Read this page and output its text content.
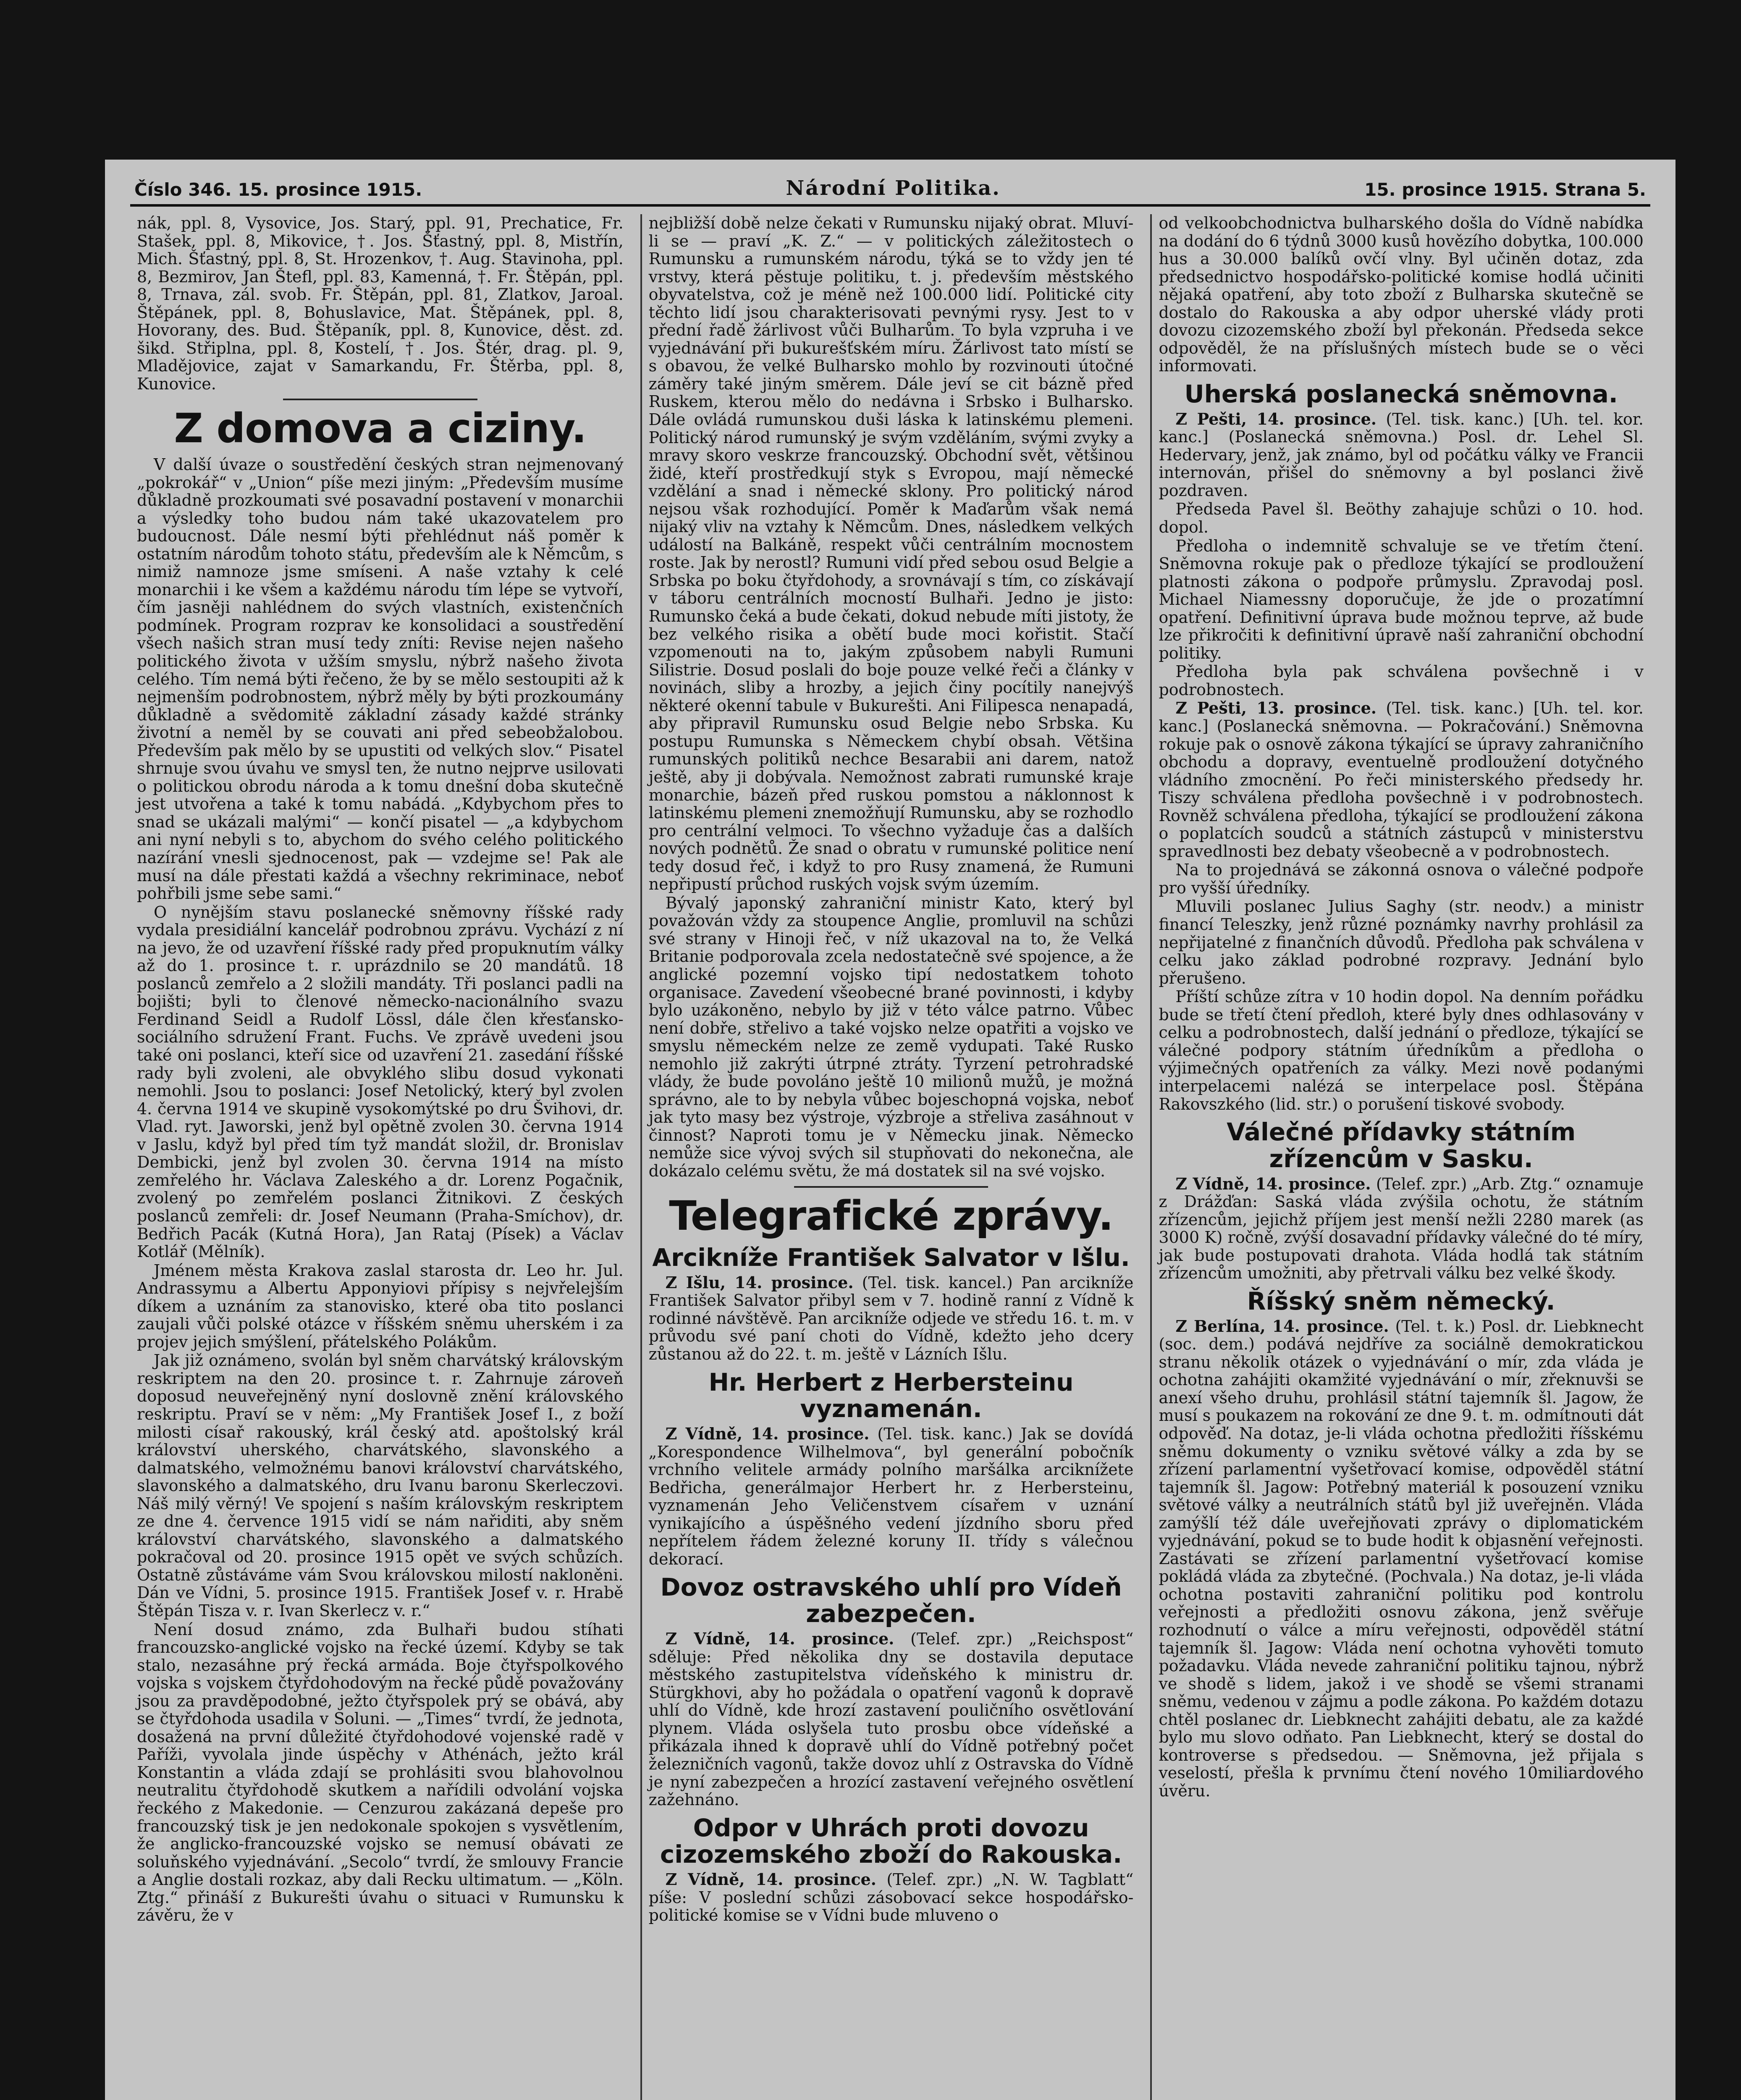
Číslo 346. 15. prosince 1915.	Národní Politika.	15. prosince 1915. Strana 5.

nák, ppl. 8, Vysovice, Jos. Starý, ppl. 91, Prechatice, Fr. Stašek, ppl. 8, Mikovice, †. Jos. Šťastný, ppl. 8, Mistřín, Mich. Šťastný, ppl. 8, St. Hrozenkov, †. Aug. Stavinoha, ppl. 8, Bezmirov, Jan Štefl, ppl. 83, Kamenná, †. Fr. Štěpán, ppl. 8, Trnava, zál. svob. Fr. Štěpán, ppl. 81, Zlatkov, Jaroal. Štěpánek, ppl. 8, Bohuslavice, Mat. Štěpánek, ppl. 8, Hovorany, des. Bud. Štěpaník, ppl. 8, Kunovice, děst. zd. šikd. Střiplna, ppl. 8, Kostelí, †. Jos. Štér, drag. pl. 9, Mladějovice, zajat v Samarkandu, Fr. Štěrba, ppl. 8, Kunovice.

Z domova a ciziny.

V další úvaze o soustředění českých stran nejmenovaný „pokrokář“ v „Union“ píše mezi jiným: „Především musíme důkladně prozkoumati své posavadní postavení v monarchii a výsledky toho budou nám také ukazovatelem pro budoucnost. Dále nesmí býti přehlédnut náš poměr k ostatním národům tohoto státu, především ale k Němcům, s nimiž namnoze jsme smíseni. A naše vztahy k celé monarchii i ke všem a každému národu tím lépe se vytvoří, čím jasněji nahlédnem do svých vlastních, existenčních podmínek. Program rozprav ke konsolidaci a soustředění všech našich stran musí tedy zníti: Revise nejen našeho politického života v užším smyslu, nýbrž našeho života celého. Tím nemá býti řečeno, že by se mělo sestoupiti až k nejmenším podrobnostem, nýbrž měly by býti prozkoumány důkladně a svědomitě základní zásady každé stránky životní a neměl by se couvati ani před sebeobžalobou. Především pak mělo by se upustiti od velkých slov.“ Pisatel shrnuje svou úvahu ve smysl ten, že nutno nejprve usilovati o politickou obrodu národa a k tomu dnešní doba skutečně jest utvořena a také k tomu nabádá. „Kdybychom přes to snad se ukázali malými“ — končí pisatel — „a kdybychom ani nyní nebyli s to, abychom do svého celého politického nazírání vnesli sjednocenost, pak — vzdejme se! Pak ale musí na dále přestati každá a všechny rekriminace, neboť pohřbili jsme sebe sami.“

O nynějším stavu poslanecké sněmovny říšské rady vydala presidiální kancelář podrobnou zprávu. Vychází z ní na jevo, že od uzavření říšské rady před propuknutím války až do 1. prosince t. r. uprázdnilo se 20 mandátů. 18 poslanců zemřelo a 2 složili mandáty. Tři poslanci padli na bojišti; byli to členové německo-nacionálního svazu Ferdinand Seidl a Rudolf Lössl, dále člen křesťansko-sociálního sdružení Frant. Fuchs. Ve zprávě uvedeni jsou také oni poslanci, kteří sice od uzavření 21. zasedání říšské rady byli zvoleni, ale obvyklého slibu dosud vykonati nemohli. Jsou to poslanci: Josef Netolický, který byl zvolen 4. června 1914 ve skupině vysokomýtské po dru Švihovi, dr. Vlad. ryt. Jaworski, jenž byl opětně zvolen 30. června 1914 v Jaslu, když byl před tím tyž mandát složil, dr. Bronislav Dembicki, jenž byl zvolen 30. června 1914 na místo zemřelého hr. Václava Zaleského a dr. Lorenz Pogačnik, zvolený po zemřelém poslanci Žitnikovi. Z českých poslanců zemřeli: dr. Josef Neumann (Praha-Smíchov), dr. Bedřich Pacák (Kutná Hora), Jan Rataj (Písek) a Václav Kotlář (Mělník).

Jménem města Krakova zaslal starosta dr. Leo hr. Jul. Andrassymu a Albertu Apponyiovi přípisy s nejvřelejším díkem a uznáním za stanovisko, které oba tito poslanci zaujali vůči polské otázce v říšském sněmu uherském i za projev jejich smýšlení, přátelského Polákům.

Jak již oznámeno, svolán byl sněm charvátský královským reskriptem na den 20. prosince t. r. Zahrnuje zároveň doposud neuveřejněný nyní doslovně znění královského reskriptu. Praví se v něm: „My František Josef I., z boží milosti císař rakouský, král český atd. apoštolský král království uherského, charvátského, slavonského a dalmatského, velmožnému banovi království charvátského, slavonského a dalmatského, dru Ivanu baronu Skerleczovi. Náš milý věrný! Ve spojení s naším královským reskriptem ze dne 4. července 1915 vidí se nám nařiditi, aby sněm království charvátského, slavonského a dalmatského pokračoval od 20. prosince 1915 opět ve svých schůzích. Ostatně zůstáváme vám Svou královskou milostí nakloněni. Dán ve Vídni, 5. prosince 1915. František Josef v. r. Hrabě Štěpán Tisza v. r. Ivan Skerlecz v. r.“

Není dosud známo, zda Bulhaři budou stíhati francouzsko-anglické vojsko na řecké území. Kdyby se tak stalo, nezasáhne prý řecká armáda. Boje čtyřspolkového vojska s vojskem čtyřdohodovým na řecké půdě považovány jsou za pravděpodobné, ježto čtyřspolek prý se obává, aby se čtyřdohoda usadila v Soluni. — „Times“ tvrdí, že jednota, dosažená na první důležité čtyřdohodové vojenské radě v Paříži, vyvolala jinde úspěchy v Athénách, ježto král Konstantin a vláda zdají se prohlásiti svou blahovolnou neutralitu čtyřdohodě skutkem a nařídili odvolání vojska řeckého z Makedonie. — Cenzurou zakázaná depeše pro francouzský tisk je jen nedokonale spokojen s vysvětlením, že anglicko-francouzské vojsko se nemusí obávati ze soluňského vyjednávání. „Secolo“ tvrdí, že smlouvy Francie a Anglie dostali rozkaz, aby dali Recku ultimatum. — „Köln. Ztg.“ přináší z Bukurešti úvahu o situaci v Rumunsku k závěru, že v

nejbližší době nelze čekati v Rumunsku nijaký obrat. Mluví-li se — praví „K. Z.“ — v politických záležitostech o Rumunsku a rumunském národu, týká se to vždy jen té vrstvy, která pěstuje politiku, t. j. především městského obyvatelstva, což je méně než 100.000 lidí. Politické city těchto lidí jsou charakterisovati pevnými rysy. Jest to v přední řadě žárlivost vůči Bulharům. To byla vzpruha i ve vyjednávání při bukurešťském míru. Žárlivost tato místí se s obavou, že velké Bulharsko mohlo by rozvinouti útočné záměry také jiným směrem. Dále jeví se cit bázně před Ruskem, kterou mělo do nedávna i Srbsko i Bulharsko. Dále ovládá rumunskou duši láska k latinskému plemeni. Politický národ rumunský je svým vzděláním, svými zvyky a mravy skoro veskrze francouzský. Obchodní svět, většinou židé, kteří prostředkují styk s Evropou, mají německé vzdělání a snad i německé sklony. Pro politický národ nejsou však rozhodující. Poměr k Maďarům však nemá nijaký vliv na vztahy k Němcům. Dnes, následkem velkých událostí na Balkáně, respekt vůči centrálním mocnostem roste. Jak by nerostl? Rumuni vidí před sebou osud Belgie a Srbska po boku čtyřdohody, a srovnávají s tím, co získávají v táboru centrálních mocností Bulhaři. Jedno je jisto: Rumunsko čeká a bude čekati, dokud nebude míti jistoty, že bez velkého risika a obětí bude moci kořistit. Stačí vzpomenouti na to, jakým způsobem nabyli Rumuni Silistrie. Dosud poslali do boje pouze velké řeči a články v novinách, sliby a hrozby, a jejich činy pocítily nanejvýš některé okenní tabule v Bukurešti. Ani Filipesca nenapadá, aby připravil Rumunsku osud Belgie nebo Srbska. Ku postupu Rumunska s Německem chybí obsah. Většina rumunských politiků nechce Besarabii ani darem, natož ještě, aby ji dobývala. Nemožnost zabrati rumunské kraje monarchie, bázeň před ruskou pomstou a náklonnost k latinskému plemeni znemožňují Rumunsku, aby se rozhodlo pro centrální velmoci. To všechno vyžaduje čas a dalších nových podnětů. Že snad o obratu v rumunské politice není tedy dosud řeč, i když to pro Rusy znamená, že Rumuni nepřipustí průchod ruských vojsk svým územím.

Bývalý japonský zahraniční ministr Kato, který byl považován vždy za stoupence Anglie, promluvil na schůzi své strany v Hinoji řeč, v níž ukazoval na to, že Velká Britanie podporovala zcela nedostatečně své spojence, a že anglické pozemní vojsko tipí nedostatkem tohoto organisace. Zavedení všeobecné brané povinnosti, i kdyby bylo uzákoněno, nebylo by již v této válce patrno. Vůbec není dobře, střelivo a také vojsko nelze opatřiti a vojsko ve smyslu německém nelze ze země vydupati. Také Rusko nemohlo již zakrýti útrpné ztráty. Tyrzení petrohradské vlády, že bude povoláno ještě 10 milionů mužů, je možná správno, ale to by nebyla vůbec bojeschopná vojska, neboť jak tyto masy bez výstroje, výzbroje a střeliva zasáhnout v činnost? Naproti tomu je v Německu jinak. Německo nemůže sice vývoj svých sil stupňovati do nekonečna, ale dokázalo celému světu, že má dostatek sil na své vojsko.

Telegrafické zprávy.
Arcikníže František Salvator v Išlu.

Z Išlu, 14. prosince. (Tel. tisk. kancel.) Pan arcikníže František Salvator přibyl sem v 7. hodině ranní z Vídně k rodinné návštěvě. Pan arcikníže odjede ve středu 16. t. m. v průvodu své paní choti do Vídně, kdežto jeho dcery zůstanou až do 22. t. m. ještě v Lázních Išlu.

Hr. Herbert z Herbersteinu vyznamenán.

Z Vídně, 14. prosince. (Tel. tisk. kanc.) Jak se dovídá „Korespondence Wilhelmova“, byl generální pobočník vrchního velitele armády polního maršálka arciknížete Bedřicha, generálmajor Herbert hr. z Herbersteinu, vyznamenán Jeho Veličenstvem císařem v uznání vynikajícího a úspěšného vedení jízdního sboru před nepřítelem řádem železné koruny II. třídy s válečnou dekorací.

Dovoz ostravského uhlí pro Vídeň zabezpečen.

Z Vídně, 14. prosince. (Telef. zpr.) „Reichspost“ sděluje: Před několika dny se dostavila deputace městského zastupitelstva vídeňského k ministru dr. Stürgkhovi, aby ho požádala o opatření vagonů k dopravě uhlí do Vídně, kde hrozí zastavení pouličního osvětlování plynem. Vláda oslyšela tuto prosbu obce vídeňské a přikázala ihned k dopravě uhlí do Vídně potřebný počet železničních vagonů, takže dovoz uhlí z Ostravska do Vídně je nyní zabezpečen a hrozící zastavení veřejného osvětlení zažehnáno.

Odpor v Uhrách proti dovozu cizozemského zboží do Rakouska.

Z Vídně, 14. prosince. (Telef. zpr.) „N. W. Tagblatt“ píše: V poslední schůzi zásobovací sekce hospodářsko-politické komise se v Vídni bude mluveno o

od velkoobchodnictva bulharského došla do Vídně nabídka na dodání do 6 týdnů 3000 kusů hovězího dobytka, 100.000 hus a 30.000 balíků ovčí vlny. Byl učiněn dotaz, zda předsednictvo hospodářsko-politické komise hodlá učiniti nějaká opatření, aby toto zboží z Bulharska skutečně se dostalo do Rakouska a aby odpor uherské vlády proti dovozu cizozemského zboží byl překonán. Předseda sekce odpověděl, že na příslušných místech bude se o věci informovati.

Uherská poslanecká sněmovna.

Z Pešti, 14. prosince. (Tel. tisk. kanc.) [Uh. tel. kor. kanc.] (Poslanecká sněmovna.) Posl. dr. Lehel Sl. Hedervary, jenž, jak známo, byl od počátku války ve Francii internován, přišel do sněmovny a byl poslanci živě pozdraven.

Předseda Pavel šl. Beöthy zahajuje schůzi o 10. hod. dopol.

Předloha o indemnitě schvaluje se ve třetím čtení. Sněmovna rokuje pak o předloze týkající se prodloužení platnosti zákona o podpoře průmyslu. Zpravodaj posl. Michael Niamessny doporučuje, že jde o prozatímní opatření. Definitivní úprava bude možnou teprve, až bude lze přikročiti k definitivní úpravě naší zahraniční obchodní politiky.

Předloha byla pak schválena povšechně i v podrobnostech.

Z Pešti, 13. prosince. (Tel. tisk. kanc.) [Uh. tel. kor. kanc.] (Poslanecká sněmovna. — Pokračování.) Sněmovna rokuje pak o osnově zákona týkající se úpravy zahraničního obchodu a dopravy, eventuelně prodloužení dotyčného vládního zmocnění. Po řeči ministerského předsedy hr. Tiszy schválena předloha povšechně i v podrobnostech. Rovněž schválena předloha, týkající se prodloužení zákona o poplatcích soudců a státních zástupců v ministerstvu spravedlnosti bez debaty všeobecně a v podrobnostech.

Na to projednává se zákonná osnova o válečné podpoře pro vyšší úředníky.

Mluvili poslanec Julius Saghy (str. neodv.) a ministr financí Teleszky, jenž různé poznámky navrhy prohlásil za nepřijatelné z finančních důvodů. Předloha pak schválena v celku jako základ podrobné rozpravy. Jednání bylo přerušeno.

Příští schůze zítra v 10 hodin dopol. Na denním pořádku bude se třetí čtení předloh, které byly dnes odhlasovány v celku a podrobnostech, další jednání o předloze, týkající se válečné podpory státním úředníkům a předloha o výjimečných opatřeních za války. Mezi nově podanými interpelacemi nalézá se interpelace posl. Štěpána Rakovszkého (lid. str.) o porušení tiskové svobody.

Válečné přídavky státním zřízencům v Sasku.

Z Vídně, 14. prosince. (Telef. zpr.) „Arb. Ztg.“ oznamuje z Drážďan: Saská vláda zvýšila ochotu, že státním zřízencům, jejichž příjem jest menší nežli 2280 marek (as 3000 K) ročně, zvýší dosavadní přídavky válečné do té míry, jak bude postupovati drahota. Vláda hodlá tak státním zřízencům umožniti, aby přetrvali válku bez velké škody.

Říšský sněm německý.

Z Berlína, 14. prosince. (Tel. t. k.) Posl. dr. Liebknecht (soc. dem.) podává nejdříve za sociálně demokratickou stranu několik otázek o vyjednávání o mír, zda vláda je ochotna zahájiti okamžité vyjednávání o mír, zřeknuvši se anexí všeho druhu, prohlásil státní tajemník šl. Jagow, že musí s poukazem na rokování ze dne 9. t. m. odmítnouti dát odpověď. Na dotaz, je-li vláda ochotna předložiti říšskému sněmu dokumenty o vzniku světové války a zda by se zřízení parlamentní vyšetřovací komise, odpověděl státní tajemník šl. Jagow: Potřebný materiál k posouzení vzniku světové války a neutrálních států byl již uveřejněn. Vláda zamýšlí též dále uveřejňovati zprávy o diplomatickém vyjednávání, pokud se to bude hodit k objasnění veřejnosti. Zastávati se zřízení parlamentní vyšetřovací komise pokládá vláda za zbytečné. (Pochvala.) Na dotaz, je-li vláda ochotna postaviti zahraniční politiku pod kontrolu veřejnosti a předložiti osnovu zákona, jenž svěřuje rozhodnutí o válce a míru veřejnosti, odpověděl státní tajemník šl. Jagow: Vláda není ochotna vyhověti tomuto požadavku. Vláda nevede zahraniční politiku tajnou, nýbrž ve shodě s lidem, jakož i ve shodě se všemi stranami sněmu, vedenou v zájmu a podle zákona. Po každém dotazu chtěl poslanec dr. Liebknecht zahájiti debatu, ale za každé bylo mu slovo odňato. Pan Liebknecht, který se dostal do kontroverse s předsedou. — Sněmovna, jež přijala s veselostí, přešla k prvnímu čtení nového 10miliardového úvěru.
